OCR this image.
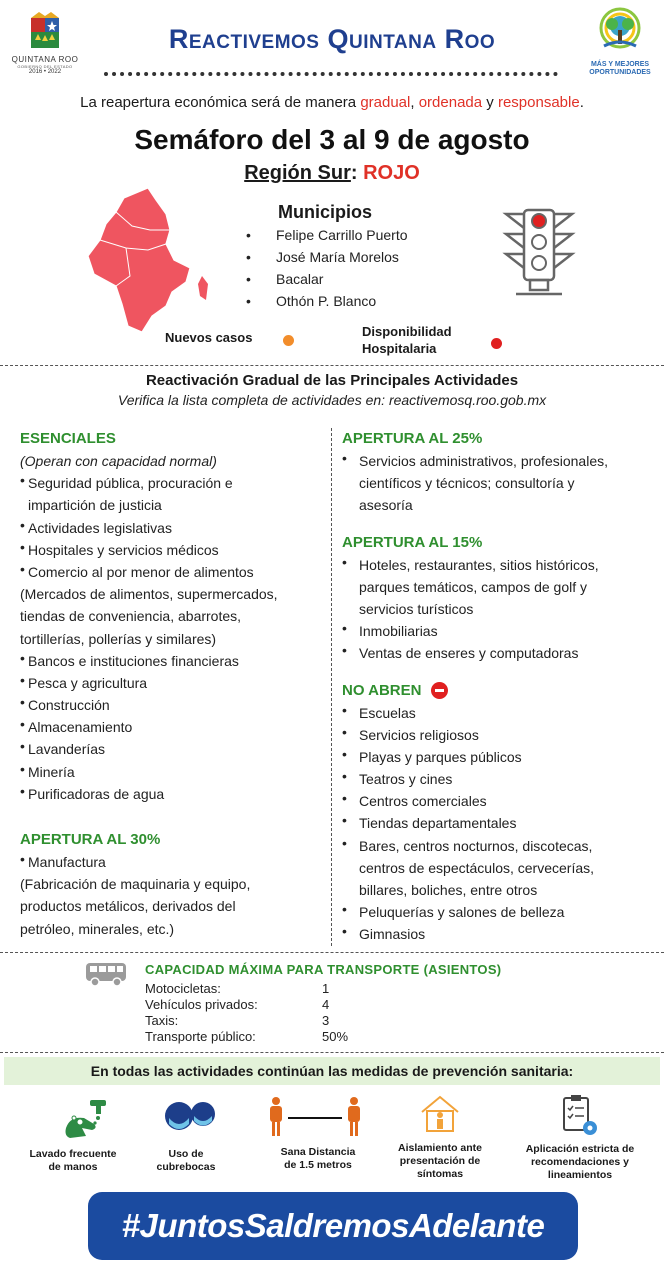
QUINTANA ROO
GOBIERNO DEL ESTADO
2016 • 2022
Reactivemos Quintana Roo
MÁS Y MEJORES
OPORTUNIDADES
La reapertura económica será de manera gradual, ordenada y responsable.
Semáforo del 3 al 9 de agosto
Región Sur: ROJO
Municipios
• Felipe Carrillo Puerto
• José María Morelos
• Bacalar
• Othón P. Blanco
Nuevos casos	Disponibilidad
Hospitalaria
Reactivación Gradual de las Principales Actividades
Verifica la lista completa de actividades en: reactivemosq.roo.gob.mx
ESENCIALES
(Operan con capacidad normal)
• Seguridad pública, procuración e
impartición de justicia
• Actividades legislativas
• Hospitales y servicios médicos
• Comercio al por menor de alimentos
(Mercados de alimentos, supermercados,
tiendas de conveniencia, abarrotes,
tortillerías, pollerías y similares)
• Bancos e instituciones financieras
• Pesca y agricultura
• Construcción
• Almacenamiento
• Lavanderías
• Minería
• Purificadoras de agua
APERTURA AL 30%
• Manufactura
(Fabricación de maquinaria y equipo,
productos metálicos, derivados del
petróleo, minerales, etc.)
APERTURA AL 25%
• Servicios administrativos, profesionales,
científicos y técnicos; consultoría y
asesoría
APERTURA AL 15%
• Hoteles, restaurantes, sitios históricos,
parques temáticos, campos de golf y
servicios turísticos
• Inmobiliarias
• Ventas de enseres y computadoras
NO ABREN
• Escuelas
• Servicios religiosos
• Playas y parques públicos
• Teatros y cines
• Centros comerciales
• Tiendas departamentales
• Bares, centros nocturnos, discotecas,
centros de espectáculos, cervecerías,
billares, boliches, entre otros
• Peluquerías y salones de belleza
• Gimnasios
CAPACIDAD MÁXIMA PARA TRANSPORTE (ASIENTOS)
Motocicletas:	1
Vehículos privados:	4
Taxis:	3
Transporte público:	50%
En todas las actividades continúan las medidas de prevención sanitaria:
Lavado frecuente
de manos
Uso de
cubrebocas
Sana Distancia
de 1.5 metros
Aislamiento ante
presentación de
síntomas
Aplicación estricta de
recomendaciones y
lineamientos
#JuntosSaldremosAdelante
